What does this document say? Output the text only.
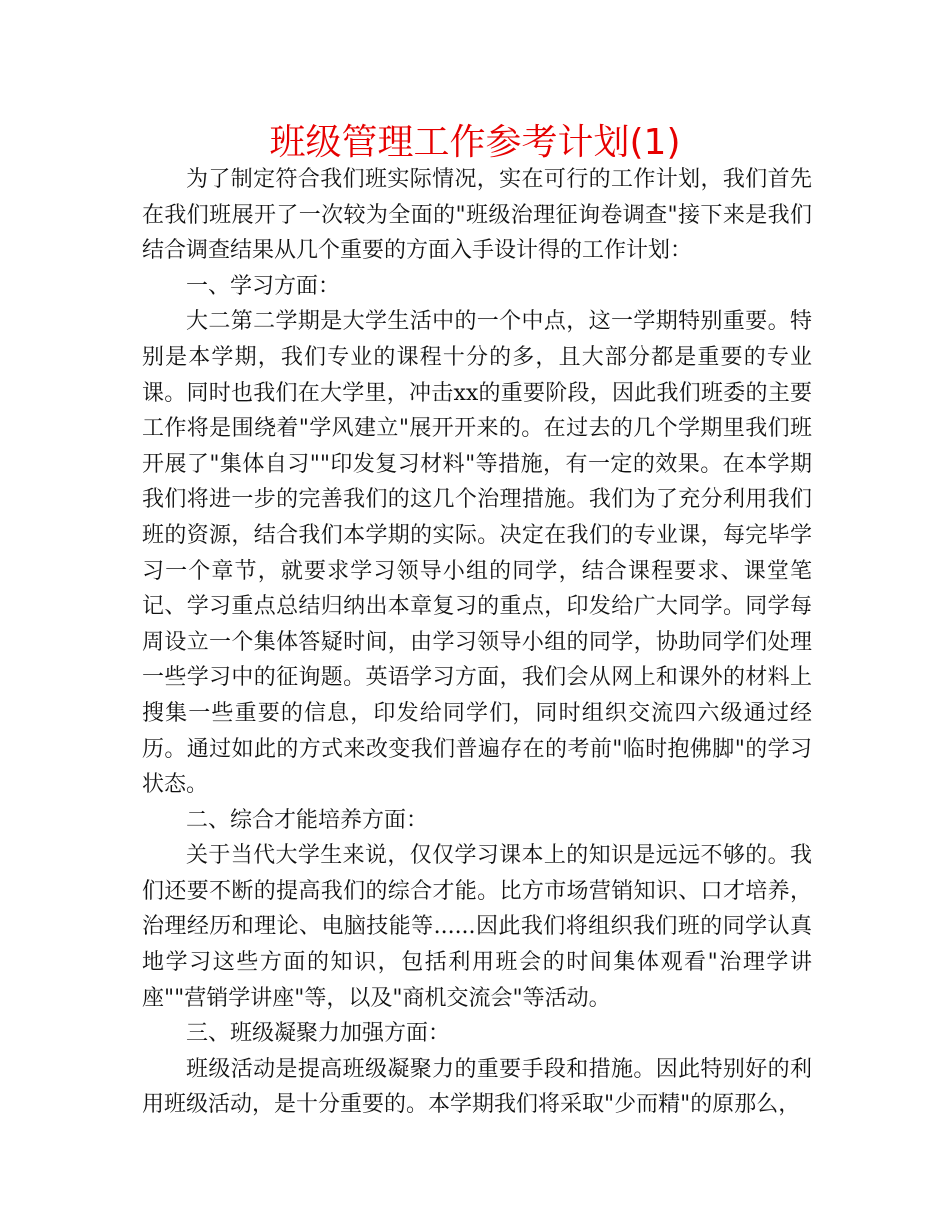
班级管理工作参考计划(1)

为了制定符合我们班实际情况，实在可行的工作计划，我们首先在我们班展开了一次较为全面的"班级治理征询卷调查"接下来是我们结合调查结果从几个重要的方面入手设计得的工作计划：

一、学习方面：

大二第二学期是大学生活中的一个中点，这一学期特别重要。特别是本学期，我们专业的课程十分的多，且大部分都是重要的专业课。同时也我们在大学里，冲击xx的重要阶段，因此我们班委的主要工作将是围绕着"学风建立"展开开来的。在过去的几个学期里我们班开展了"集体自习""印发复习材料"等措施，有一定的效果。在本学期我们将进一步的完善我们的这几个治理措施。我们为了充分利用我们班的资源，结合我们本学期的实际。决定在我们的专业课，每完毕学习一个章节，就要求学习领导小组的同学，结合课程要求、课堂笔记、学习重点总结归纳出本章复习的重点，印发给广大同学。同学每周设立一个集体答疑时间，由学习领导小组的同学，协助同学们处理一些学习中的征询题。英语学习方面，我们会从网上和课外的材料上搜集一些重要的信息，印发给同学们，同时组织交流四六级通过经历。通过如此的方式来改变我们普遍存在的考前"临时抱佛脚"的学习状态。

二、综合才能培养方面：

关于当代大学生来说，仅仅学习课本上的知识是远远不够的。我们还要不断的提高我们的综合才能。比方市场营销知识、口才培养，治理经历和理论、电脑技能等......因此我们将组织我们班的同学认真地学习这些方面的知识，包括利用班会的时间集体观看"治理学讲座""营销学讲座"等，以及"商机交流会"等活动。

三、班级凝聚力加强方面：

班级活动是提高班级凝聚力的重要手段和措施。因此特别好的利用班级活动，是十分重要的。本学期我们将采取"少而精"的原那么，
